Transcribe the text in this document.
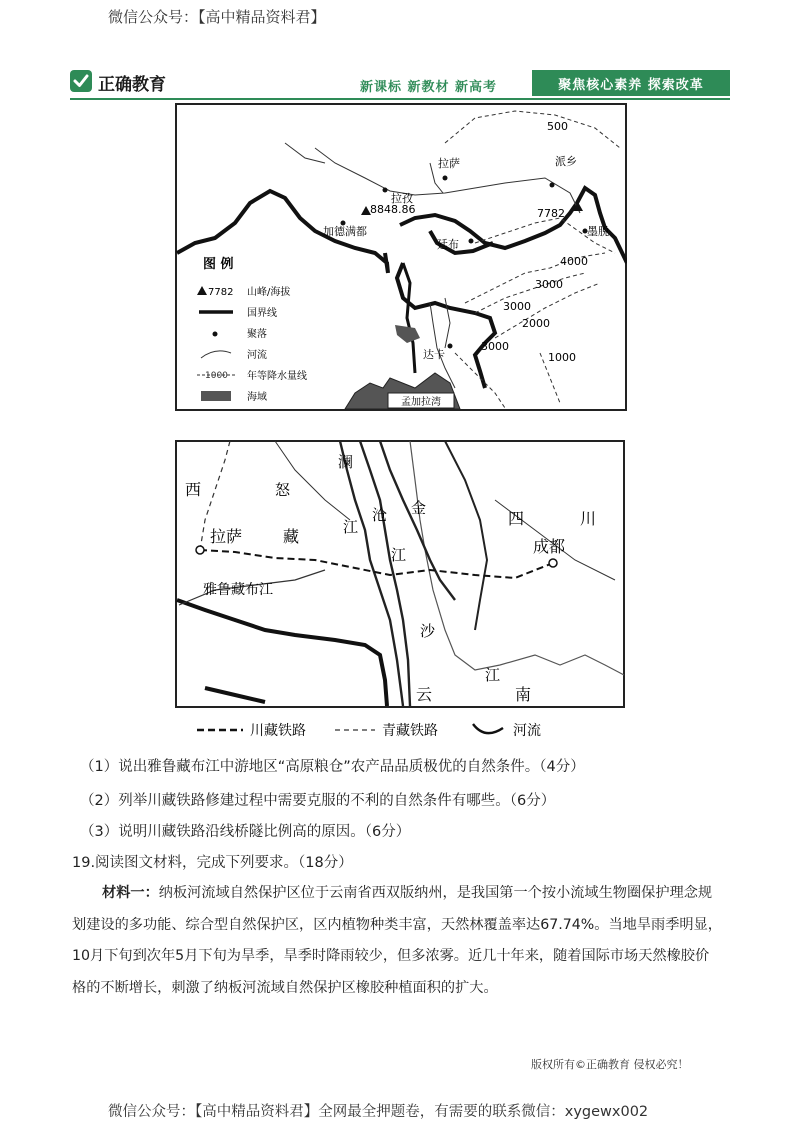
微信公众号：【高中精品资料君】
正确教育	新课标 新教材 新高考	聚焦核心素养 探索改革
孟加拉湾
拉萨
拉孜
8848.86
派乡
7782
墨脱
加德满都
廷布
达卡
500
4000
3000
3000
2000
3000
1000
图 例
7782 山峰/海拔
国界线
聚落
河流
1000 年等降水量线
海域
西	怒
澜
拉萨	藏	江
沧 金
四	川
江	成都
雅鲁藏布江
沙
江
云	南
川藏铁路	青藏铁路	河流
（1）说出雅鲁藏布江中游地区“高原粮仓”农产品品质极优的自然条件。（4分）
（2）列举川藏铁路修建过程中需要克服的不利的自然条件有哪些。（6分）
（3）说明川藏铁路沿线桥隧比例高的原因。（6分）
19.阅读图文材料，完成下列要求。（18分）
材料一：纳板河流域自然保护区位于云南省西双版纳州，是我国第一个按小流域生物圈保护理念规划建设的多功能、综合型自然保护区，区内植物种类丰富，天然林覆盖率达67.74%。当地旱雨季明显，10月下旬到次年5月下旬为旱季，旱季时降雨较少，但多浓雾。近几十年来，随着国际市场天然橡胶价格的不断增长，刺激了纳板河流域自然保护区橡胶种植面积的扩大。
版权所有©正确教育 侵权必究！
微信公众号：【高中精品资料君】全网最全押题卷，有需要的联系微信：xygewx002
